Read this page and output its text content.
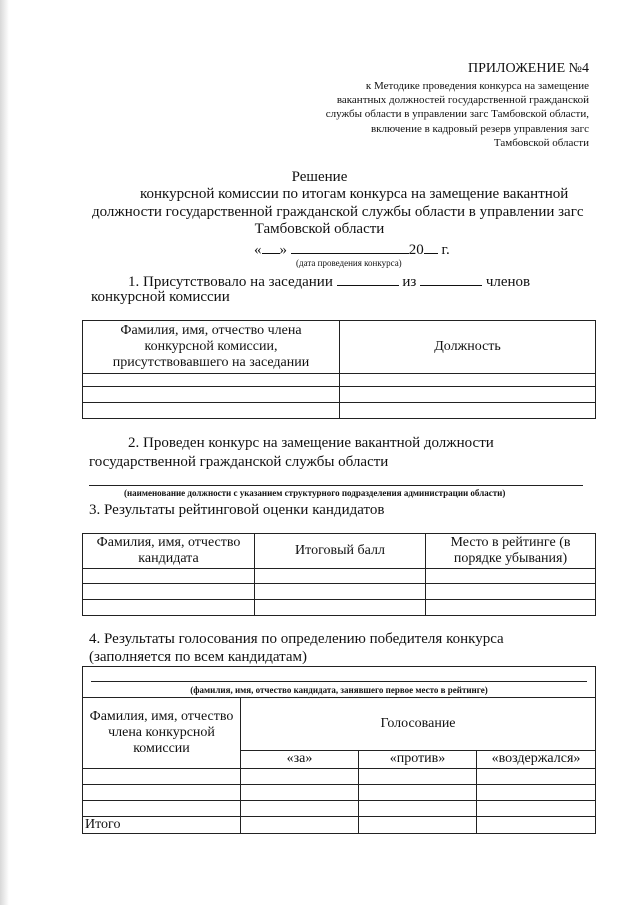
ПРИЛОЖЕНИЕ №4
к Методике проведения конкурса на замещение
вакантных должностей государственной гражданской
службы области в управлении загс Тамбовской области,
включение в кадровый резерв управления загс
Тамбовской области
Решение
конкурсной комиссии по итогам конкурса на замещение вакантной
должности государственной гражданской службы области в управлении загс
Тамбовской области
« »	20 г.
(дата проведения конкурса)
1. Присутствовало на заседании	из	членов
конкурсной комиссии
Фамилия, имя, отчество члена конкурсной комиссии, присутствовавшего на заседании	Должность

2. Проведен конкурс на замещение вакантной должности
государственной гражданской службы области
(наименование должности с указанием структурного подразделения администрации области)
3. Результаты рейтинговой оценки кандидатов
Фамилия, имя, отчество кандидата	Итоговый балл	Место в рейтинге (в порядке убывания)

4. Результаты голосования по определению победителя конкурса
(заполняется по всем кандидатам)
(фамилия, имя, отчество кандидата, занявшего первое место в рейтинге)			

Фамилия, имя, отчество члена конкурсной комиссии	Голосование		

	«за»	«против»	«воздержался»

Итого			
